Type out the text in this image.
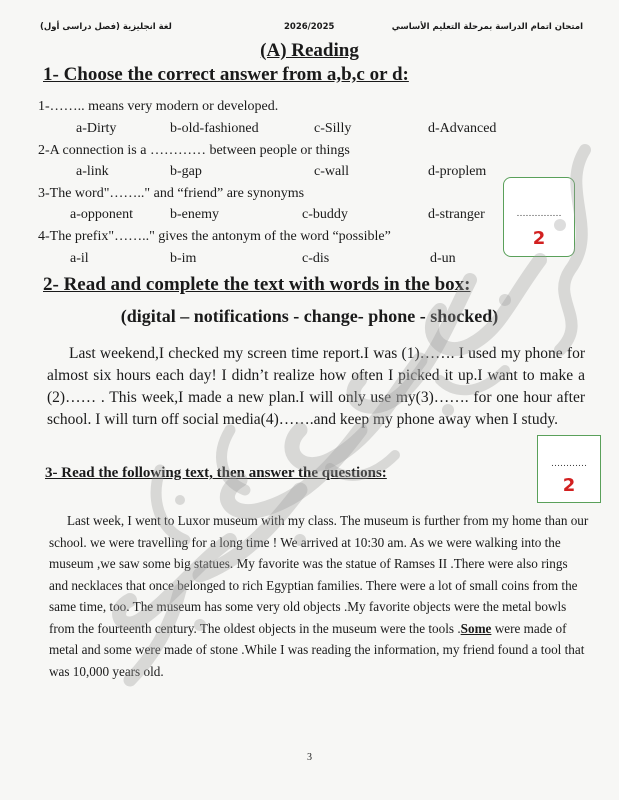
لغة انجليزية (فصل دراسى أول)	2026/2025	امتحان اتمام الدراسة بمرحلة التعليم الأساسي
(A) Reading
1- Choose the correct answer from a,b,c or d:
1-…….. means very modern or developed.
a-Dirty	b-old-fashioned	c-Silly	d-Advanced
2-A connection is a ………… between people or things
a-link	b-gap	c-wall	d-proplem
3-The word"…….." and “friend” are synonyms
a-opponent	b-enemy	c-buddy	d-stranger
4-The prefix"…….." gives the antonym of the word “possible”
a-il	b-im	c-dis	d-un
……………
2
2- Read and complete the text with words in the box:
(digital – notifications - change- phone - shocked)

Last weekend,I checked my screen time report.I was (1)……. I used my phone for almost six hours each day! I didn’t realize how often I picked it up.I want to make a (2)…… . This week,I made a new plan.I will only use my(3)……. for one hour after school. I will turn off social media(4)…….and keep my phone away when I study.

…………
2
3- Read the following text, then answer the questions:

Last week, I went to Luxor museum with my class. The museum is further from my home than our school. we were travelling for a long time ! We arrived at 10:30 am. As we were walking into the museum ,we saw some big statues. My favorite was the statue of Ramses II .There were also rings and necklaces that once belonged to rich Egyptian families. There were a lot of small coins from the same time, too. The museum has some very old objects .My favorite objects were the metal bowls from the fourteenth century. The oldest objects in the museum were the tools .Some were made of metal and some were made of stone .While I was reading the information, my friend found a tool that was 10,000 years old.

3
